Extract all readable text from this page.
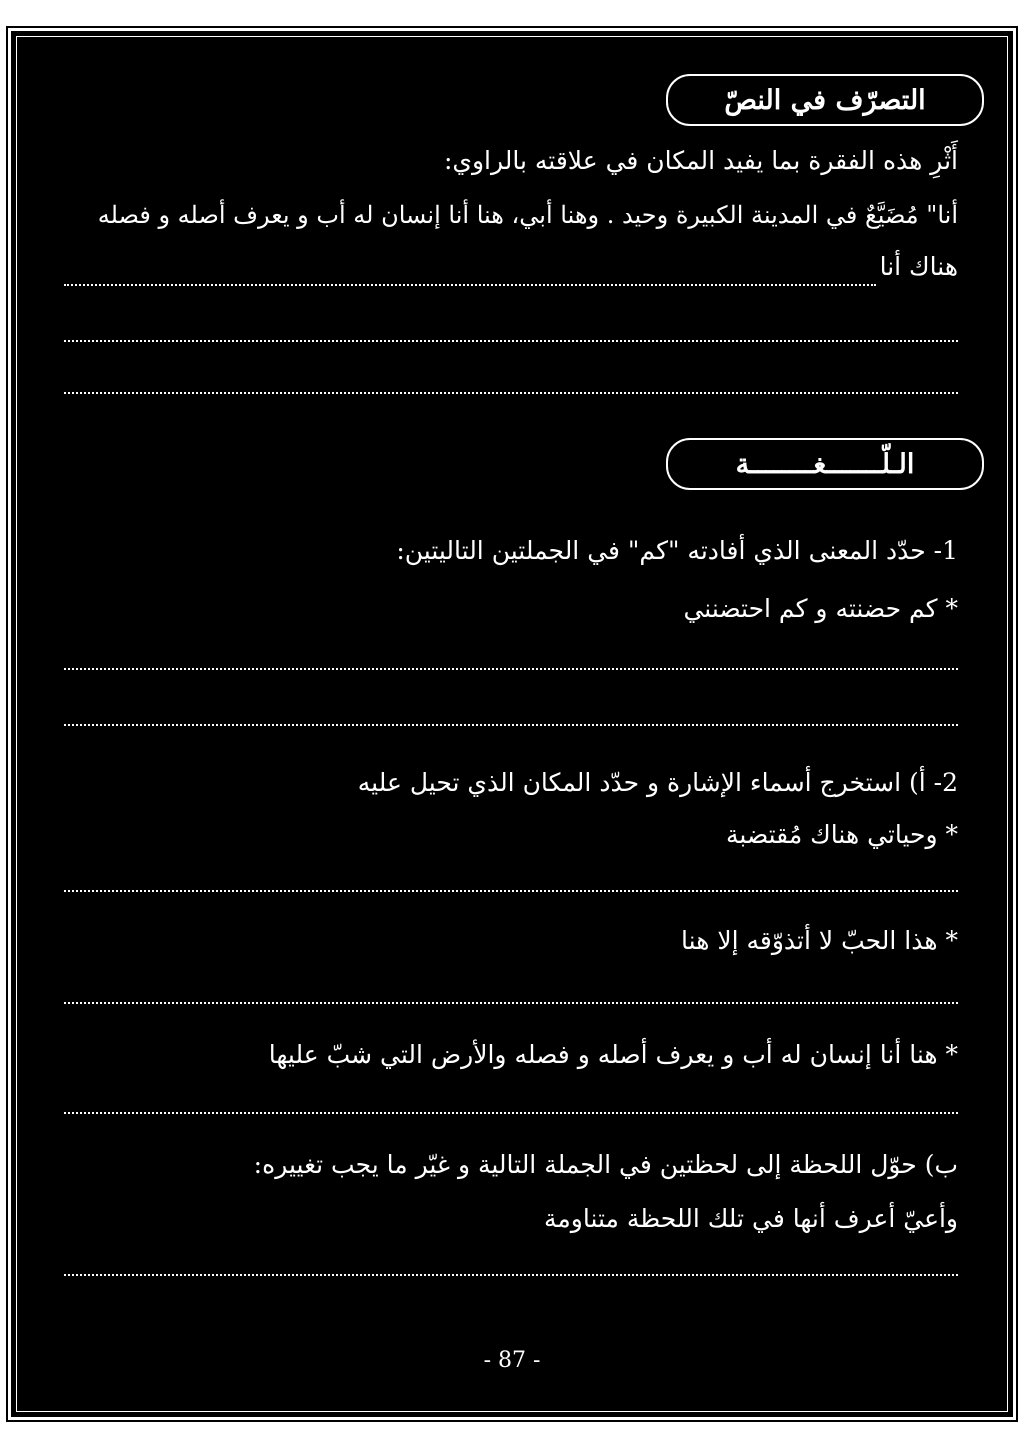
التصرّف في النصّ
أَثْرِ هذه الفقرة بما يفيد المكان في علاقته بالراوي:
أنا" مُضَيَّعٌ في المدينة الكبيرة وحيد . وهنا أبي، هنا أنا إنسان له أب و يعرف أصله و فصله
هناك أنا
الـلّـــــــغــــــــة
1- حدّد المعنى الذي أفادته "كم" في الجملتين التاليتين:
* كم حضنته و كم احتضنني
2- أ) استخرج أسماء الإشارة و حدّد المكان الذي تحيل عليه
* وحياتي هناك مُقتضبة
* هذا الحبّ لا أتذوّقه إلا هنا
* هنا أنا إنسان له أب و يعرف أصله و فصله والأرض التي شبّ عليها
ب) حوّل اللحظة إلى لحظتين في الجملة التالية و غيّر ما يجب تغييره:
وأعيّ أعرف أنها في تلك اللحظة متناومة
- 87 -
